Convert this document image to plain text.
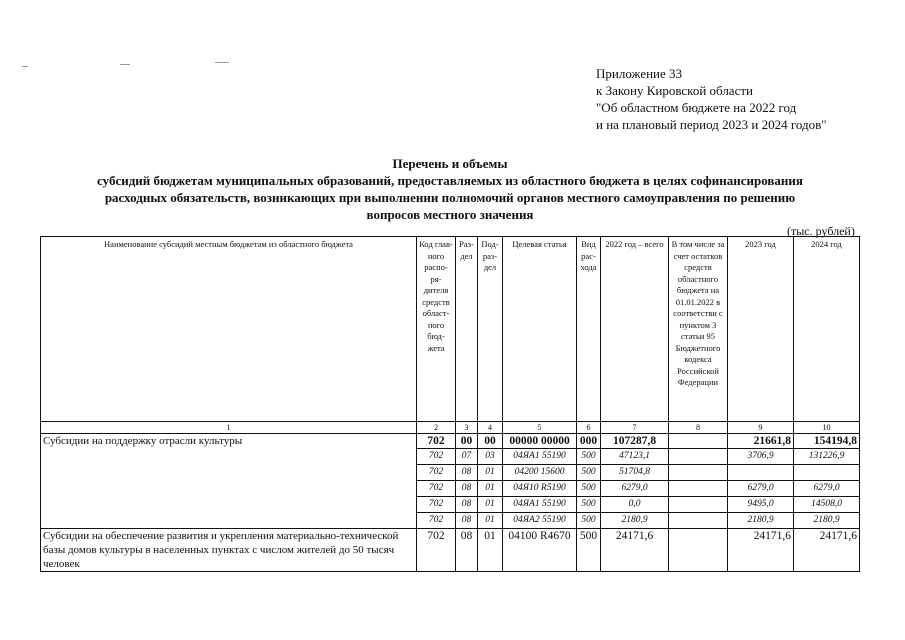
Приложение 33
к Закону Кировской области
"Об областном бюджете на 2022 год
и на плановый период 2023 и 2024 годов"
Перечень и объемы
субсидий бюджетам муниципальных образований, предоставляемых из областного бюджета в целях софинансирования
расходных обязательств, возникающих при выполнении полномочий органов местного самоуправления по решению
вопросов местного значения
(тыс. рублей)
Наименование субсидий местным бюджетам из областного бюджета	Код глав- ного распо- ря- дителя средств област- ного бюд- жета	Раз- дел	Под- раз- дел	Целевая статья	Вид рас- хода	2022 год – всего	В том числе за счет остатков средств областного бюджета на 01.01.2022 в соответстви с пунктом 3 статьи 95 Бюджетного кодекса Российской Федерации	2023 год	2024 год
1	2	3	4	5	6	7	8	9	10
Субсидии на поддержку отрасли культуры	702	00	00	00000 00000	000	107287,8		21661,8	154194,8
	702	07	03	04ЯА1 55190	500	47123,1		3706,9	131226,9
	702	08	01	04200 15600	500	51704,8			
	702	08	01	04Я10 R5190	500	6279,0		6279,0	6279,0
	702	08	01	04ЯА1 55190	500	0,0		9495,0	14508,0
	702	08	01	04ЯА2 55190	500	2180,9		2180,9	2180,9
Субсидии на обеспечение развития и укрепления материально-технической базы домов культуры в населенных пунктах с числом жителей до 50 тысяч человек	702	08	01	04100 R4670	500	24171,6		24171,6	24171,6
